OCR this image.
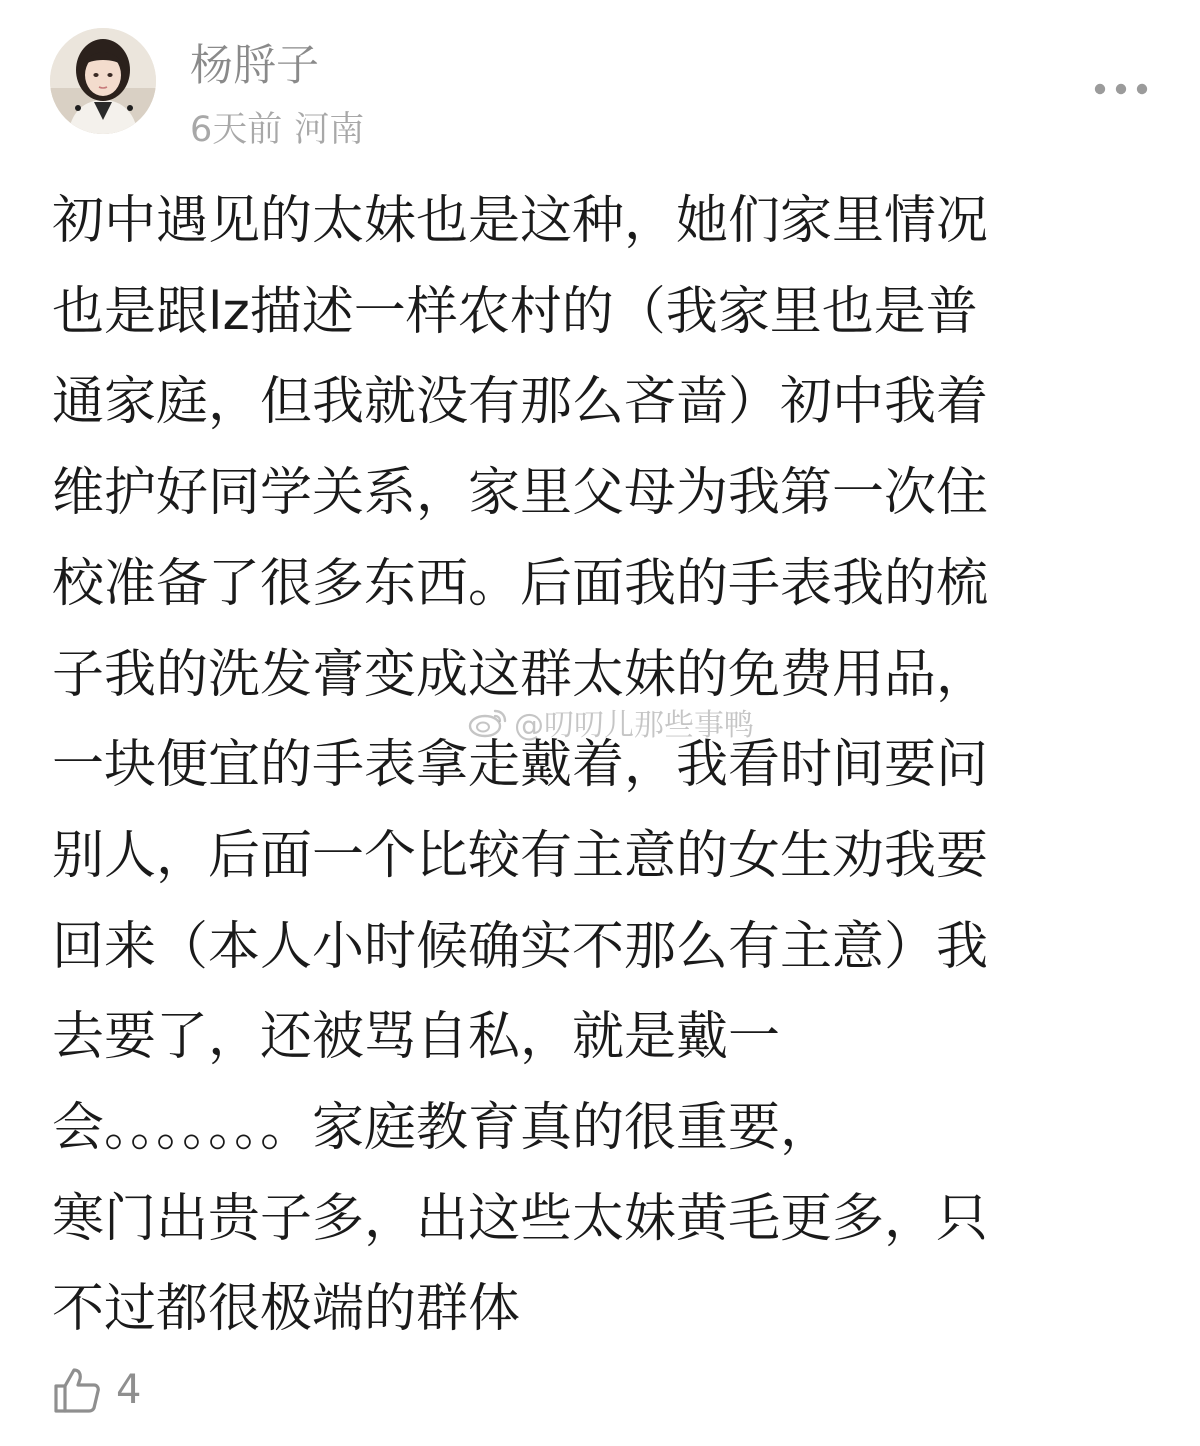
杨脟子
6天前 河南
初中遇见的太妹也是这种，她们家里情况
也是跟lz描述一样农村的（我家里也是普
通家庭，但我就没有那么吝啬）初中我着
维护好同学关系，家里父母为我第一次住
校准备了很多东西。后面我的手表我的梳
子我的洗发膏变成这群太妹的免费用品，
一块便宜的手表拿走戴着，我看时间要问
别人，后面一个比较有主意的女生劝我要
回来（本人小时候确实不那么有主意）我
去要了，还被骂自私，就是戴一
会。。。。。。。家庭教育真的很重要，
寒门出贵子多，出这些太妹黄毛更多，只
不过都很极端的群体
@叨叨儿那些事鸭
4
